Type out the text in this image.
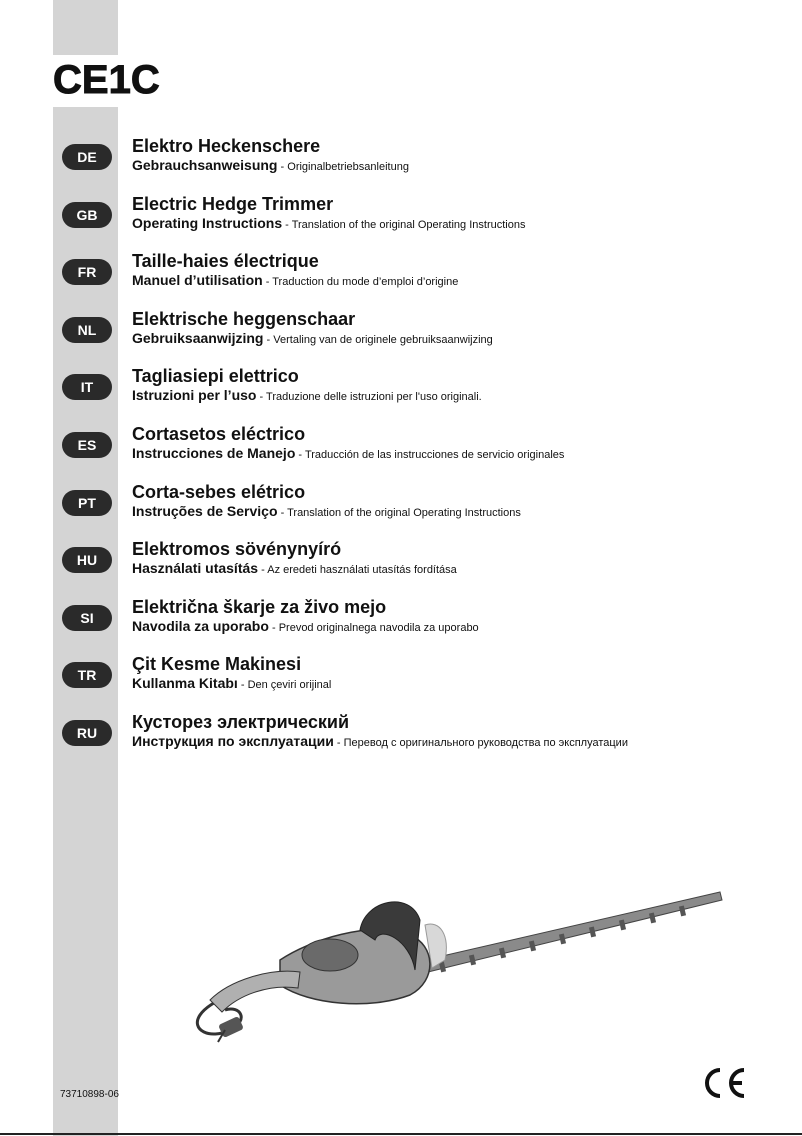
CE1C
DE
Elektro Heckenschere
Gebrauchsanweisung - Originalbetriebsanleitung
GB
Electric Hedge Trimmer
Operating Instructions - Translation of the original Operating Instructions
FR
Taille-haies électrique
Manuel d’utilisation - Traduction du mode d’emploi d’origine
NL
Elektrische heggenschaar
Gebruiksaanwijzing - Vertaling van de originele gebruiksaanwijzing
IT
Tagliasiepi elettrico
Istruzioni per l’uso - Traduzione delle istruzioni per l'uso originali.
ES
Cortasetos eléctrico
Instrucciones de Manejo - Traducción de las instrucciones de servicio originales
PT
Corta-sebes elétrico
Instruções de Serviço - Translation of the original Operating Instructions
HU
Elektromos sövénynyíró
Használati utasítás - Az eredeti használati utasítás fordítása
SI
Električna škarje za živo mejo
Navodila za uporabo - Prevod originalnega navodila za uporabo
TR
Çit Kesme Makinesi
Kullanma Kitabı - Den çeviri orijinal
RU
Кусторез электрический
Инструкция по эксплуатации - Перевод с оригинального руководства по эксплуатации
73710898-06
